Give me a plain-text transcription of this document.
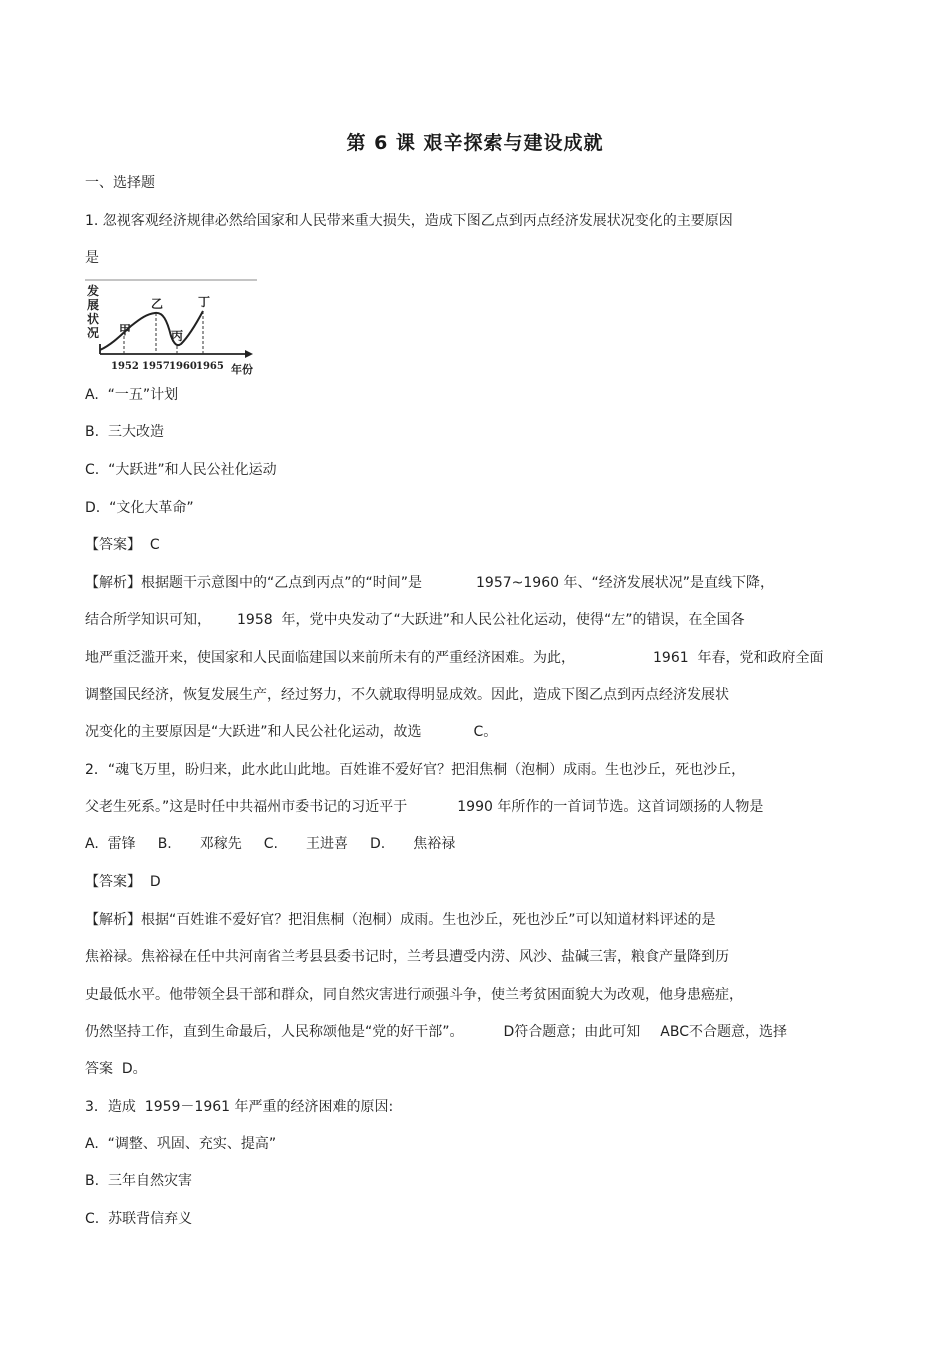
第 6 课 艰辛探索与建设成就
一、选择题
1. 忽视客观经济规律必然给国家和人民带来重大损失，造成下图乙点到丙点经济发展状况变化的主要原因
是
发
展
状
况 甲
乙
丙
丁
1952 1957 1960 1965 年份
A.  “一五”计划
B.  三大改造
C.  “大跃进”和人民公社化运动
D.  “文化大革命”
【答案】  C
【解析】根据题干示意图中的“乙点到丙点”的“时间”是	1957~1960 年、“经济发展状况”是直线下降，
结合所学知识可知， 1958  年，党中央发动了“大跃进”和人民公社化运动，使得“左”的错误，在全国各
地严重泛滥开来，使国家和人民面临建国以来前所未有的严重经济困难。为此，	1961  年春，党和政府全面
调整国民经济，恢复发展生产，经过努力，不久就取得明显成效。因此，造成下图乙点到丙点经济发展状
况变化的主要原因是“大跃进”和人民公社化运动，故选	C。
2．“魂飞万里，盼归来，此水此山此地。百姓谁不爱好官？把泪焦桐（泡桐）成雨。生也沙丘，死也沙丘，
父老生死系。”这是时任中共福州市委书记的习近平于	1990 年所作的一首词节选。这首词颂扬的人物是
A.  雷锋 B. 邓稼先 C. 王进喜 D. 焦裕禄
【答案】  D
【解析】根据“百姓谁不爱好官？把泪焦桐（泡桐）成雨。生也沙丘，死也沙丘”可以知道材料评述的是
焦裕禄。焦裕禄在任中共河南省兰考县县委书记时，兰考县遭受内涝、风沙、盐碱三害，粮食产量降到历
史最低水平。他带领全县干部和群众，同自然灾害进行顽强斗争，使兰考贫困面貌大为改观，他身患癌症，
仍然坚持工作，直到生命最后，人民称颂他是“党的好干部”。	D符合题意；由此可知 ABC不合题意，选择
答案  D。
3．造成  1959－1961 年严重的经济困难的原因:
A.  “调整、巩固、充实、提高”
B.  三年自然灾害
C.  苏联背信弃义
